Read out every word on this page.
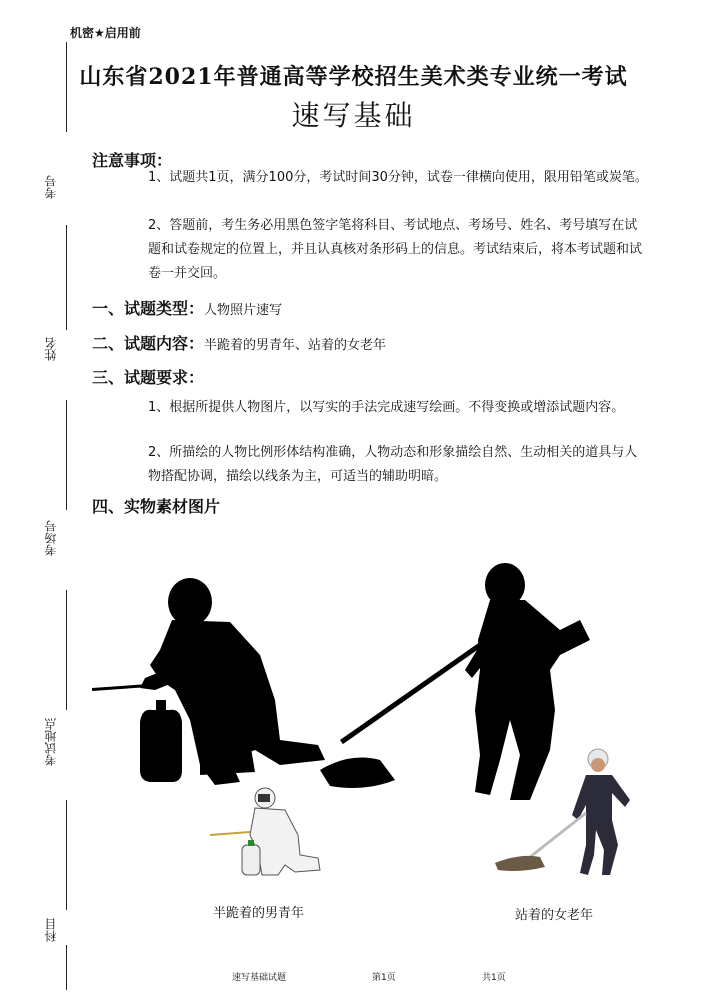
机密★启用前
山东省2021年普通高等学校招生美术类专业统一考试
速写基础
考号
姓名
考场号
考试地点
科目
注意事项：
1、试题共1页，满分100分，考试时间30分钟，试卷一律横向使用，限用铅笔或炭笔。
2、答题前，考生务必用黑色签字笔将科目、考试地点、考场号、姓名、考号填写在试题和试卷规定的位置上，并且认真核对条形码上的信息。考试结束后，将本考试题和试卷一并交回。
一、试题类型：人物照片速写
二、试题内容：半跪着的男青年、站着的女老年
三、试题要求：
1、根据所提供人物图片，以写实的手法完成速写绘画。不得变换或增添试题内容。
2、所描绘的人物比例形体结构准确，人物动态和形象描绘自然、生动相关的道具与人物搭配协调，描绘以线条为主，可适当的辅助明暗。
四、实物素材图片
半跪着的男青年	站着的女老年
速写基础试题	第1页	共1页
